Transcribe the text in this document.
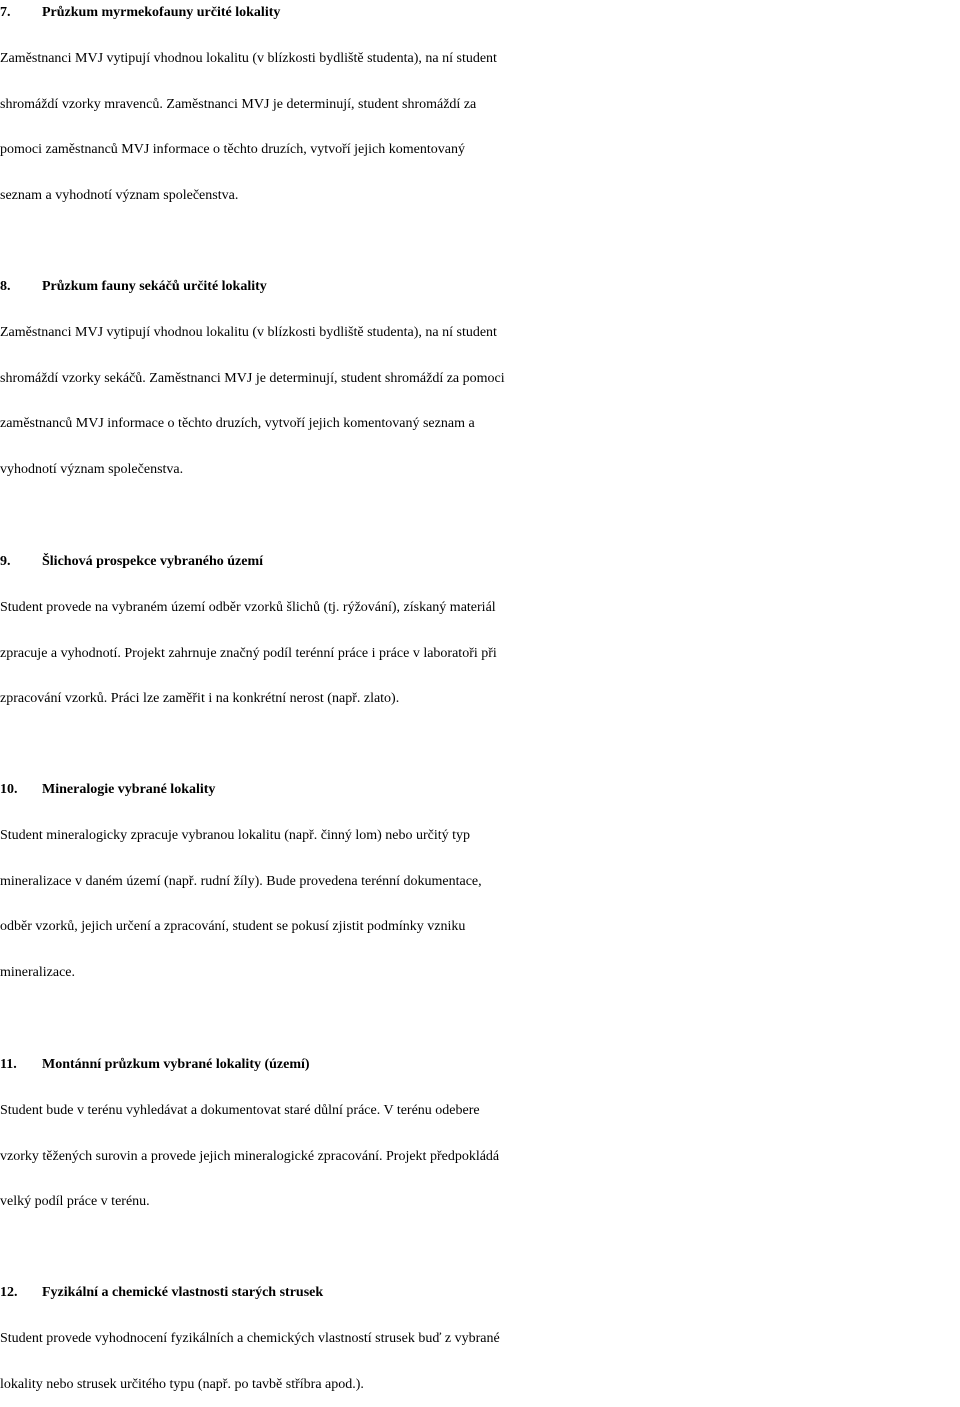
7. Průzkum myrmekofauny určité lokality
Zaměstnanci MVJ vytipují vhodnou lokalitu (v blízkosti bydliště studenta), na ní student
shromáždí vzorky mravenců. Zaměstnanci MVJ je determinují, student shromáždí za
pomoci zaměstnanců MVJ informace o těchto druzích, vytvoří jejich komentovaný
seznam a vyhodnotí význam společenstva.
8. Průzkum fauny sekáčů určité lokality
Zaměstnanci MVJ vytipují vhodnou lokalitu (v blízkosti bydliště studenta), na ní student
shromáždí vzorky sekáčů. Zaměstnanci MVJ je determinují, student shromáždí za pomoci
zaměstnanců MVJ informace o těchto druzích, vytvoří jejich komentovaný seznam a
vyhodnotí význam společenstva.
9. Šlichová prospekce vybraného území
Student provede na vybraném území odběr vzorků šlichů (tj. rýžování), získaný materiál
zpracuje a vyhodnotí. Projekt zahrnuje značný podíl terénní práce i práce v laboratoři při
zpracování vzorků. Práci lze zaměřit i na konkrétní nerost (např. zlato).
10. Mineralogie vybrané lokality
Student mineralogicky zpracuje vybranou lokalitu (např. činný lom) nebo určitý typ
mineralizace v daném území (např. rudní žíly). Bude provedena terénní dokumentace,
odběr vzorků, jejich určení a zpracování, student se pokusí zjistit podmínky vzniku
mineralizace.
11. Montánní průzkum vybrané lokality (území)
Student bude v terénu vyhledávat a dokumentovat staré důlní práce. V terénu odebere
vzorky těžených surovin a provede jejich mineralogické zpracování. Projekt předpokládá
velký podíl práce v terénu.
12. Fyzikální a chemické vlastnosti starých strusek
Student provede vyhodnocení fyzikálních a chemických vlastností strusek buď z vybrané
lokality nebo strusek určitého typu (např. po tavbě stříbra apod.).
